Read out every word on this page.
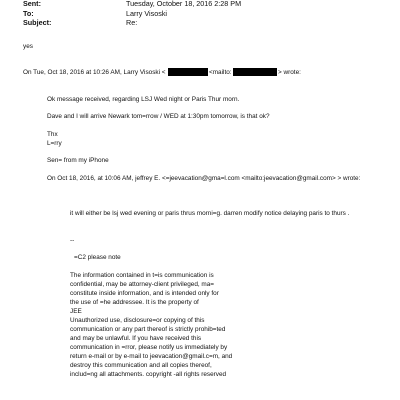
Sent:	Tuesday, October 18, 2016 2:28 PM
To:	Larry Visoski
Subject:	Re:
yes
On Tue, Oct 18, 2016 at 10:26 AM, Larry Visoski <	<mailto:	> wrote:
Ok message received, regarding LSJ Wed night or Paris Thur morn.
Dave and I will arrive Newark tom=rrow / WED at 1:30pm tomorrow, is that ok?
Thx
L=rry
Sen= from my iPhone
On Oct 18, 2016, at 10:06 AM, jeffrey E. <=jeevacation@gma=l.com <mailto:jeevacation@gmail.com> > wrote:
it will either be lsj wed evening or paris thrus morni=g. darren modify notice delaying paris to thurs .
--
=C2 please note
The information contained in t=is communication is
confidential, may be attorney-client privileged, ma=
constitute inside information, and is intended only for
the use of =he addressee. It is the property of
JEE
Unauthorized use, disclosure=or copying of this
communication or any part thereof is strictly prohib=ted
and may be unlawful. If you have received this
communication in =rror, please notify us immediately by
return e-mail or by e-mail to jeevacation@gmail.c=m, and
destroy this communication and all copies thereof,
includ=ng all attachments. copyright -all rights reserved
